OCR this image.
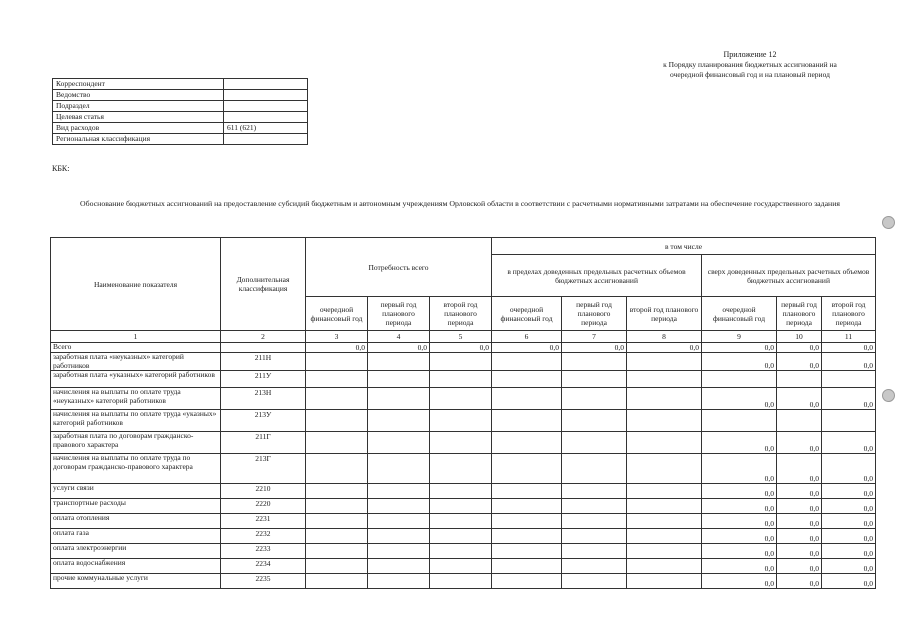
Приложение 12
к Порядку планирования бюджетных ассигнований на
очередной финансовый год и на плановый период
Корреспондент	
Ведомство	
Подраздел	
Целевая статья	
Вид расходов	611 (621)
Региональная классификация	
КБК:
Обоснование бюджетных ассигнований на предоставление субсидий бюджетным и автономным учреждениям Орловской области в соответствии с расчетными нормативными затратами на обеспечение государственного задания
Наименование показателя	Дополнительная классификация	Потребность всего			в том числе					
					в пределах доведенных предельных расчетных объемов бюджетных ассигнований			сверх доведенных предельных расчетных объемов бюджетных ассигнований		
		очередной финансовый год	первый год планового периода	второй год планового периода	очередной финансовый год	первый год планового периода	второй год планового периода	очередной финансовый год	первый год планового периода	второй год планового периода
1	2	3	4	5	6	7	8	9	10	11
Всего		0,0	0,0	0,0	0,0	0,0	0,0	0,0	0,0	0,0
заработная плата «неуказных» категорий работников	211Н							0,0	0,0	0,0
заработная плата «указных» категорий работников	211У									
начисления на выплаты по оплате труда «неуказных» категорий работников	213Н							0,0	0,0	0,0
начисления на выплаты по оплате труда «указных» категорий работников	213У									
заработная плата по договорам гражданско-правового характера	211Г							0,0	0,0	0,0
начисления на выплаты по оплате труда по договорам гражданско-правового характера	213Г							0,0	0,0	0,0
услуги связи	2210							0,0	0,0	0,0
транспортные расходы	2220							0,0	0,0	0,0
оплата отопления	2231							0,0	0,0	0,0
оплата газа	2232							0,0	0,0	0,0
оплата электроэнергии	2233							0,0	0,0	0,0
оплата водоснабжения	2234							0,0	0,0	0,0
прочие коммунальные услуги	2235							0,0	0,0	0,0
